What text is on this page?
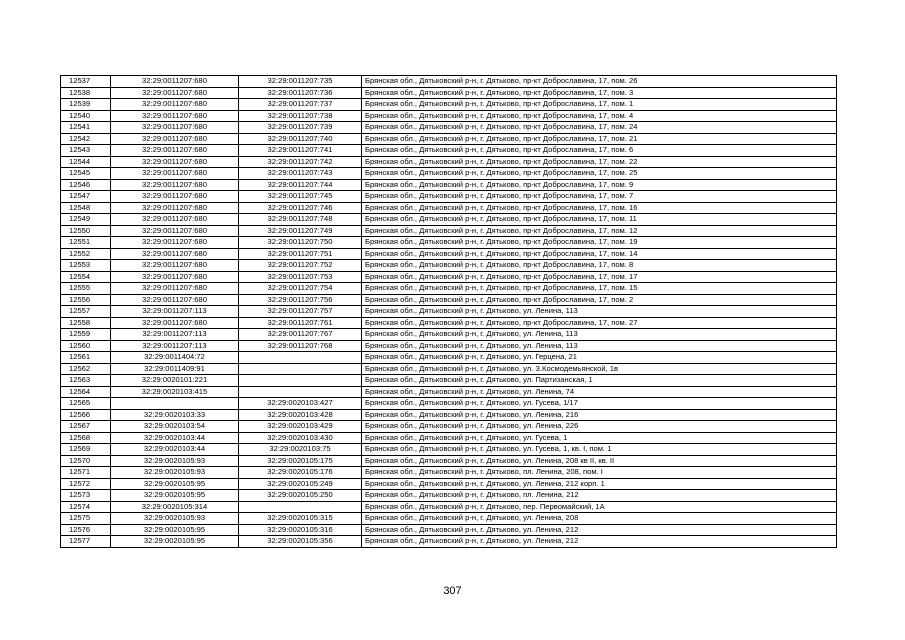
12537	32:29:0011207:680	32:29:0011207:735	Брянская обл., Дятьковский р-н, г. Дятьково, пр-кт Доброславина, 17, пом. 26
12538	32:29:0011207:680	32:29:0011207:736	Брянская обл., Дятьковский р-н, г. Дятьково, пр-кт Доброславина, 17, пом. 3
12539	32:29:0011207:680	32:29:0011207:737	Брянская обл., Дятьковский р-н, г. Дятьково, пр-кт Доброславина, 17, пом. 1
12540	32:29:0011207:680	32:29:0011207:738	Брянская обл., Дятьковский р-н, г. Дятьково, пр-кт Доброславина, 17, пом. 4
12541	32:29:0011207:680	32:29:0011207:739	Брянская обл., Дятьковский р-н, г. Дятьково, пр-кт Доброславина, 17, пом. 24
12542	32:29:0011207:680	32:29:0011207:740	Брянская обл., Дятьковский р-н, г. Дятьково, пр-кт Доброславина, 17, пом. 21
12543	32:29:0011207:680	32:29:0011207:741	Брянская обл., Дятьковский р-н, г. Дятьково, пр-кт Доброславина, 17, пом. 6
12544	32:29:0011207:680	32:29:0011207:742	Брянская обл., Дятьковский р-н, г. Дятьково, пр-кт Доброславина, 17, пом. 22
12545	32:29:0011207:680	32:29:0011207:743	Брянская обл., Дятьковский р-н, г. Дятьково, пр-кт Доброславина, 17, пом. 25
12546	32:29:0011207:680	32:29:0011207:744	Брянская обл., Дятьковский р-н, г. Дятьково, пр-кт Доброславина, 17, пом. 9
12547	32:29:0011207:680	32:29:0011207:745	Брянская обл., Дятьковский р-н, г. Дятьково, пр-кт Доброславина, 17, пом. 7
12548	32:29:0011207:680	32:29:0011207:746	Брянская обл., Дятьковский р-н, г. Дятьково, пр-кт Доброславина, 17, пом. 16
12549	32:29:0011207:680	32:29:0011207:748	Брянская обл., Дятьковский р-н, г. Дятьково, пр-кт Доброславина, 17, пом. 11
12550	32:29:0011207:680	32:29:0011207:749	Брянская обл., Дятьковский р-н, г. Дятьково, пр-кт Доброславина, 17, пом. 12
12551	32:29:0011207:680	32:29:0011207:750	Брянская обл., Дятьковский р-н, г. Дятьково, пр-кт Доброславина, 17, пом. 19
12552	32:29:0011207:680	32:29:0011207:751	Брянская обл., Дятьковский р-н, г. Дятьково, пр-кт Доброславина, 17, пом. 14
12553	32:29:0011207:680	32:29:0011207:752	Брянская обл., Дятьковский р-н, г. Дятьково, пр-кт Доброславина, 17, пом. 8
12554	32:29:0011207:680	32:29:0011207:753	Брянская обл., Дятьковский р-н, г. Дятьково, пр-кт Доброславина, 17, пом. 17
12555	32:29:0011207:680	32:29:0011207:754	Брянская обл., Дятьковский р-н, г. Дятьково, пр-кт Доброславина, 17, пом. 15
12556	32:29:0011207:680	32:29:0011207:756	Брянская обл., Дятьковский р-н, г. Дятьково, пр-кт Доброславина, 17, пом. 2
12557	32:29:0011207:113	32:29:0011207:757	Брянская обл., Дятьковский р-н, г. Дятьково, ул. Ленина, 113
12558	32:29:0011207:680	32:29:0011207:761	Брянская обл., Дятьковский р-н, г. Дятьково, пр-кт Доброславина, 17, пом. 27
12559	32:29:0011207:113	32:29:0011207:767	Брянская обл., Дятьковский р-н, г. Дятьково, ул. Ленина, 113
12560	32:29:0011207:113	32:29:0011207:768	Брянская обл., Дятьковский р-н, г. Дятьково, ул. Ленина, 113
12561	32:29:0011404:72		Брянская обл., Дятьковский р-н, г. Дятьково, ул. Герцена, 21
12562	32:29:0011409:91		Брянская обл., Дятьковский р-н, г. Дятьково, ул. З.Космодемьянской, 1в
12563	32:29:0020101:221		Брянская обл., Дятьковский р-н, г. Дятьково, ул. Партизанская, 1
12564	32:29:0020103:415		Брянская обл., Дятьковский р-н, г. Дятьково, ул. Ленина, 74
12565		32:29:0020103:427	Брянская обл., Дятьковский р-н, г. Дятьково, ул. Гусева, 1/17
12566	32:29:0020103:33	32:29:0020103:428	Брянская обл., Дятьковский р-н, г. Дятьково, ул. Ленина, 216
12567	32:29:0020103:54	32:29:0020103:429	Брянская обл., Дятьковский р-н, г. Дятьково, ул. Ленина, 226
12568	32:29:0020103:44	32:29:0020103:430	Брянская обл., Дятьковский р-н, г. Дятьково, ул. Гусева, 1
12569	32:29:0020103:44	32:29:0020103:75	Брянская обл., Дятьковский р-н, г. Дятьково, ул. Гусева, 1, кв. I, пом. 1
12570	32:29:0020105:93	32:29:0020105:175	Брянская обл., Дятьковский р-н, г. Дятьково, ул. Ленина, 208 кв II, кв. II
12571	32:29:0020105:93	32:29:0020105:176	Брянская обл., Дятьковский р-н, г. Дятьково, пл. Ленина, 208, пом. I
12572	32:29:0020105:95	32:29:0020105:249	Брянская обл., Дятьковский р-н, г. Дятьково, ул. Ленина, 212 корп. 1
12573	32:29:0020105:95	32:29:0020105:250	Брянская обл., Дятьковский р-н, г. Дятьково, пл. Ленина, 212
12574	32:29:0020105:314		Брянская обл., Дятьковский р-н, г. Дятьково, пер. Первомайский, 1А
12575	32:29:0020105:93	32:29:0020105:315	Брянская обл., Дятьковский р-н, г. Дятьково, ул. Ленина, 208
12576	32:29:0020105:95	32:29:0020105:316	Брянская обл., Дятьковский р-н, г. Дятьково, ул. Ленина, 212
12577	32:29:0020105:95	32:29:0020105:356	Брянская обл., Дятьковский р-н, г. Дятьково, ул. Ленина, 212
307
